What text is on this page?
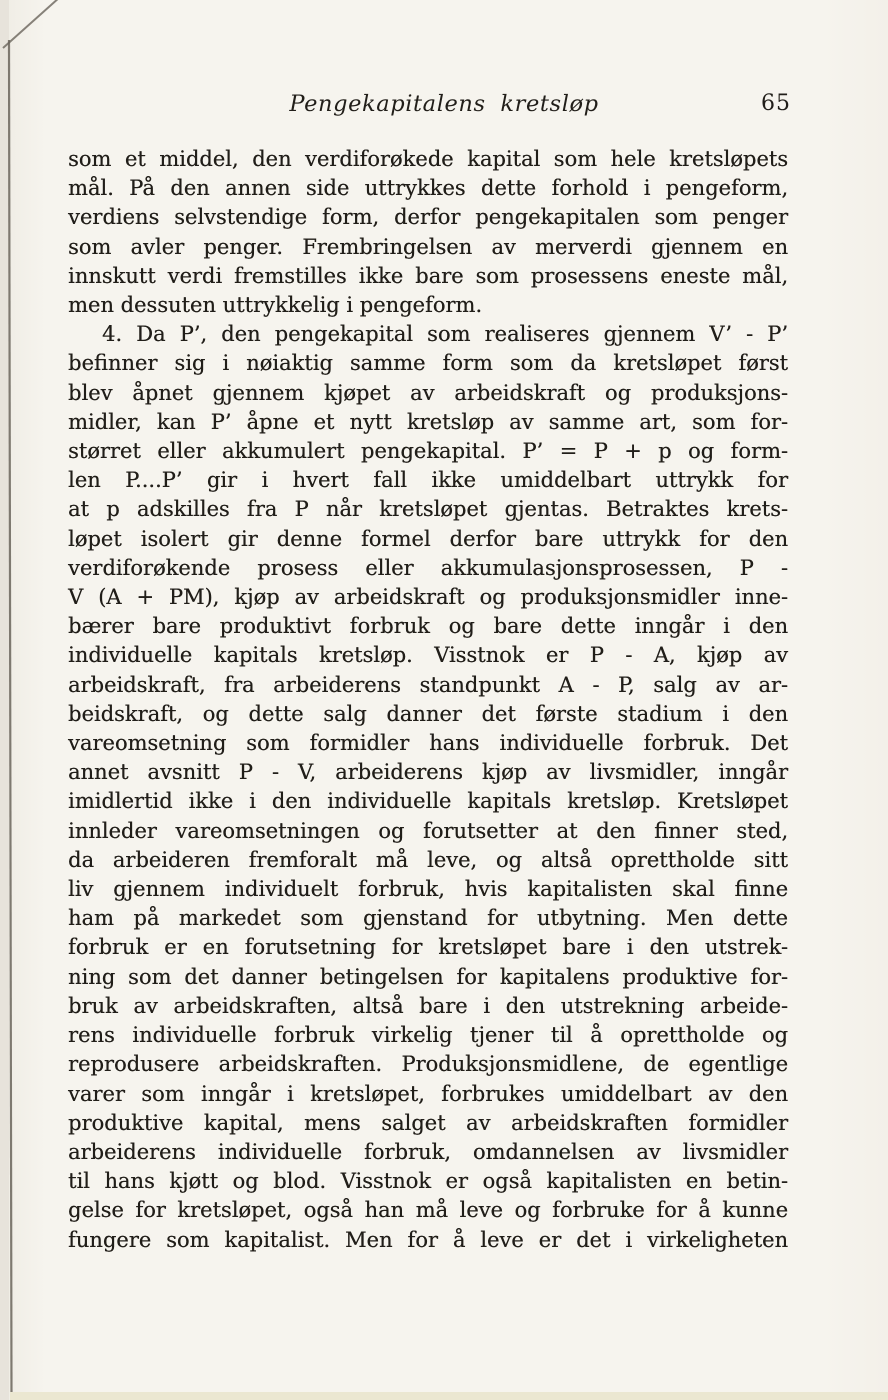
Pengekapitalens kretsløp	65
som et middel, den verdiforøkede kapital som hele kretsløpets
mål. På den annen side uttrykkes dette forhold i pengeform,
verdiens selvstendige form, derfor pengekapitalen som penger
som avler penger. Frembringelsen av merverdi gjennem en
innskutt verdi fremstilles ikke bare som prosessens eneste mål,
men dessuten uttrykkelig i pengeform.
4. Da P’, den pengekapital som realiseres gjennem V’ - P’
befinner sig i nøiaktig samme form som da kretsløpet først
blev åpnet gjennem kjøpet av arbeidskraft og produksjons-
midler, kan P’ åpne et nytt kretsløp av samme art, som for-
størret eller akkumulert pengekapital. P’ = P + p og form-
len P....P’ gir i hvert fall ikke umiddelbart uttrykk for
at p adskilles fra P når kretsløpet gjentas. Betraktes krets-
løpet isolert gir denne formel derfor bare uttrykk for den
verdiforøkende prosess eller akkumulasjonsprosessen, P -
V (A + PM), kjøp av arbeidskraft og produksjonsmidler inne-
bærer bare produktivt forbruk og bare dette inngår i den
individuelle kapitals kretsløp. Visstnok er P - A, kjøp av
arbeidskraft, fra arbeiderens standpunkt A - P, salg av ar-
beidskraft, og dette salg danner det første stadium i den
vareomsetning som formidler hans individuelle forbruk. Det
annet avsnitt P - V, arbeiderens kjøp av livsmidler, inngår
imidlertid ikke i den individuelle kapitals kretsløp. Kretsløpet
innleder vareomsetningen og forutsetter at den finner sted,
da arbeideren fremforalt må leve, og altså oprettholde sitt
liv gjennem individuelt forbruk, hvis kapitalisten skal finne
ham på markedet som gjenstand for utbytning. Men dette
forbruk er en forutsetning for kretsløpet bare i den utstrek-
ning som det danner betingelsen for kapitalens produktive for-
bruk av arbeidskraften, altså bare i den utstrekning arbeide-
rens individuelle forbruk virkelig tjener til å oprettholde og
reprodusere arbeidskraften. Produksjonsmidlene, de egentlige
varer som inngår i kretsløpet, forbrukes umiddelbart av den
produktive kapital, mens salget av arbeidskraften formidler
arbeiderens individuelle forbruk, omdannelsen av livsmidler
til hans kjøtt og blod. Visstnok er også kapitalisten en betin-
gelse for kretsløpet, også han må leve og forbruke for å kunne
fungere som kapitalist. Men for å leve er det i virkeligheten
